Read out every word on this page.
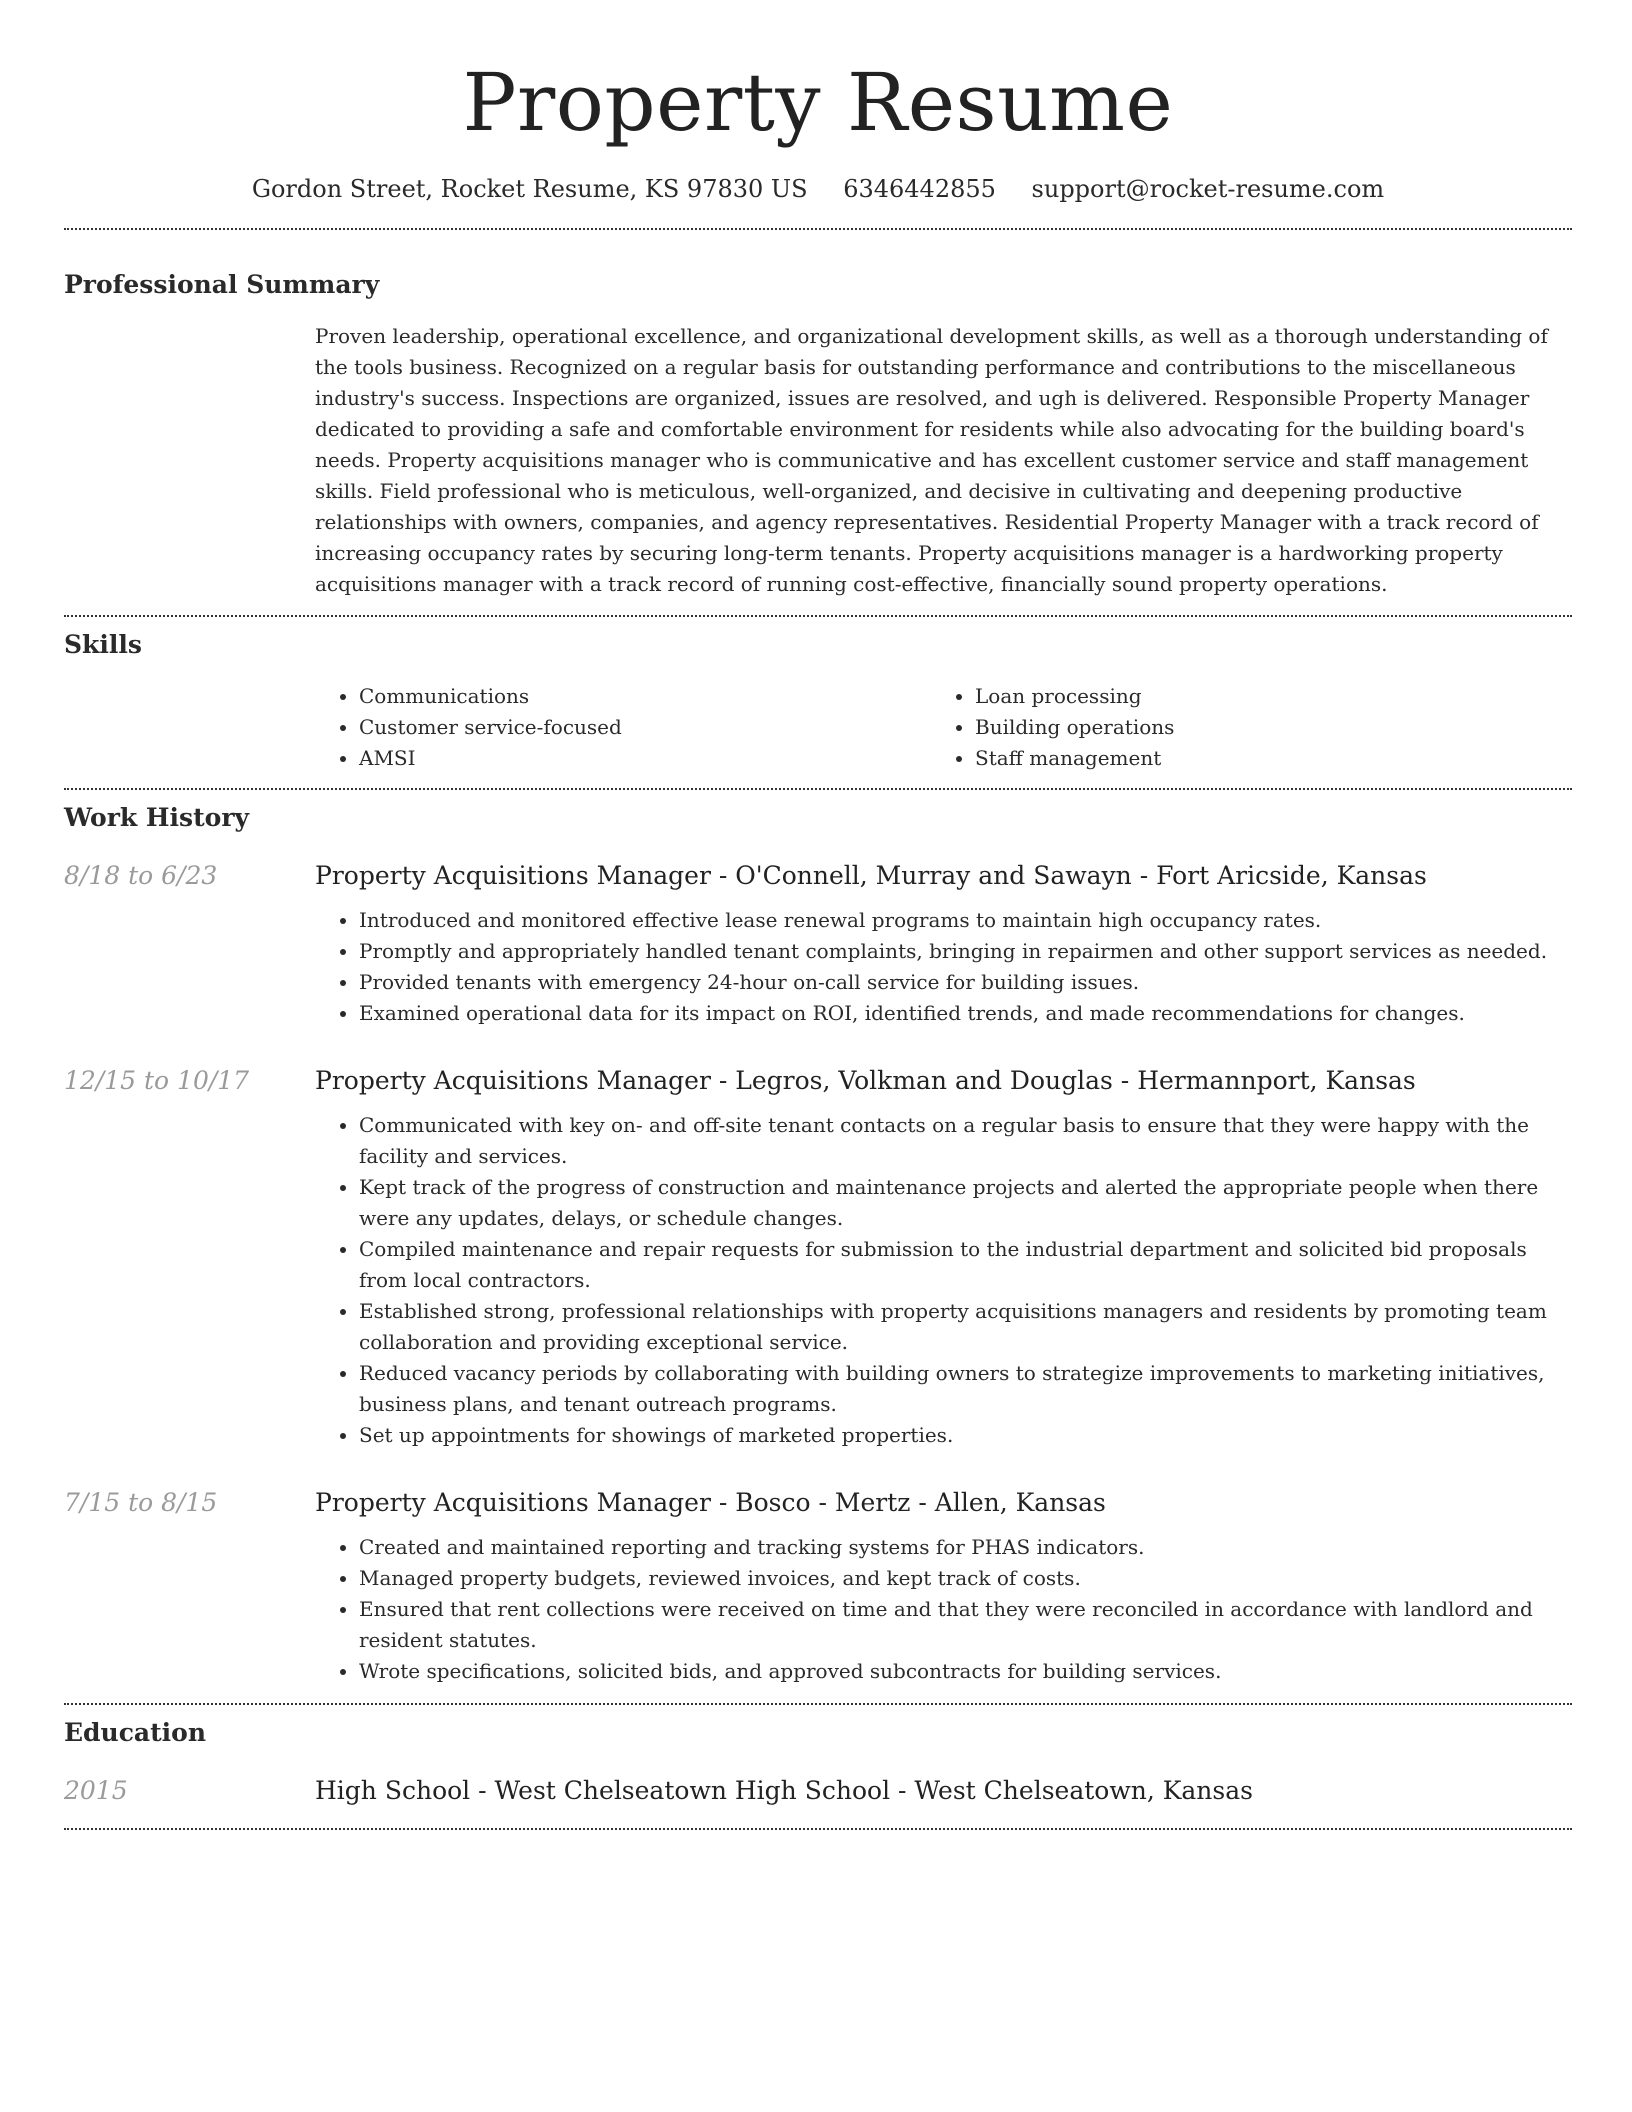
Property Resume
Gordon Street, Rocket Resume, KS 97830 US 6346442855 support@rocket-resume.com
Professional Summary

Proven leadership, operational excellence, and organizational development skills, as well as a thorough understanding of the tools business. Recognized on a regular basis for outstanding performance and contributions to the miscellaneous industry's success. Inspections are organized, issues are resolved, and ugh is delivered. Responsible Property Manager dedicated to providing a safe and comfortable environment for residents while also advocating for the building board's needs. Property acquisitions manager who is communicative and has excellent customer service and staff management skills. Field professional who is meticulous, well-organized, and decisive in cultivating and deepening productive relationships with owners, companies, and agency representatives. Residential Property Manager with a track record of increasing occupancy rates by securing long-term tenants. Property acquisitions manager is a hardworking property acquisitions manager with a track record of running cost-effective, financially sound property operations.

Skills
• Communications
• Customer service-focused
• AMSI
• Loan processing
• Building operations
• Staff management
Work History
8/18 to 6/23	Property Acquisitions Manager - O'Connell, Murray and Sawayn - Fort Aricside, Kansas
• Introduced and monitored effective lease renewal programs to maintain high occupancy rates.
• Promptly and appropriately handled tenant complaints, bringing in repairmen and other support services as needed.
• Provided tenants with emergency 24-hour on-call service for building issues.
• Examined operational data for its impact on ROI, identified trends, and made recommendations for changes.
12/15 to 10/17	Property Acquisitions Manager - Legros, Volkman and Douglas - Hermannport, Kansas
• Communicated with key on- and off-site tenant contacts on a regular basis to ensure that they were happy with the facility and services.
• Kept track of the progress of construction and maintenance projects and alerted the appropriate people when there were any updates, delays, or schedule changes.
• Compiled maintenance and repair requests for submission to the industrial department and solicited bid proposals from local contractors.
• Established strong, professional relationships with property acquisitions managers and residents by promoting team collaboration and providing exceptional service.
• Reduced vacancy periods by collaborating with building owners to strategize improvements to marketing initiatives, business plans, and tenant outreach programs.
• Set up appointments for showings of marketed properties.
7/15 to 8/15	Property Acquisitions Manager - Bosco - Mertz - Allen, Kansas
• Created and maintained reporting and tracking systems for PHAS indicators.
• Managed property budgets, reviewed invoices, and kept track of costs.
• Ensured that rent collections were received on time and that they were reconciled in accordance with landlord and resident statutes.
• Wrote specifications, solicited bids, and approved subcontracts for building services.
Education
2015	High School - West Chelseatown High School - West Chelseatown, Kansas
